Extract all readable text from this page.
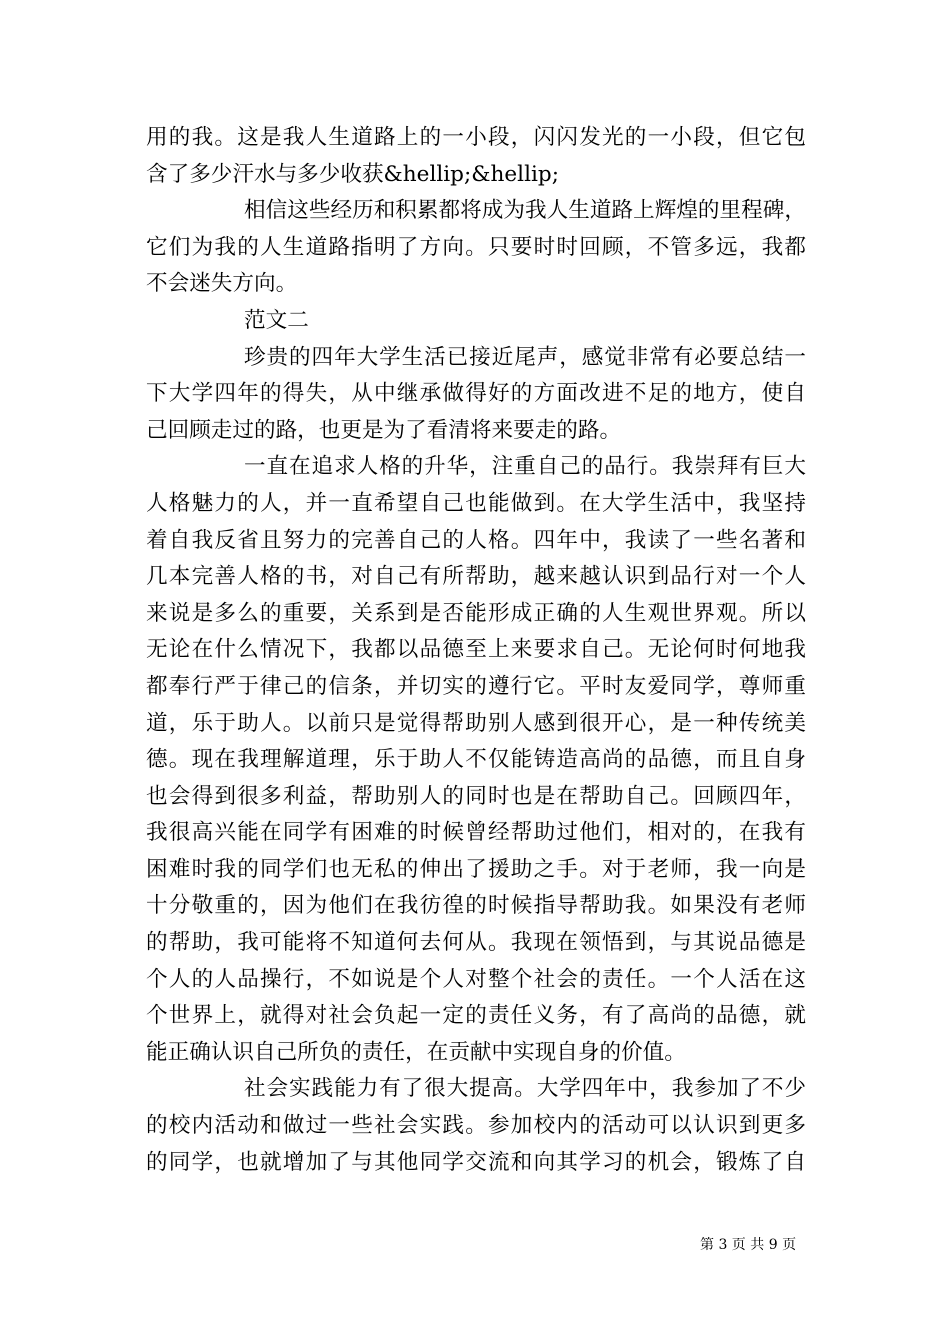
用的我。这是我人生道路上的一小段，闪闪发光的一小段，但它包
含了多少汗水与多少收获&hellip;&hellip;
相信这些经历和积累都将成为我人生道路上辉煌的里程碑，
它们为我的人生道路指明了方向。只要时时回顾，不管多远，我都
不会迷失方向。
范文二
珍贵的四年大学生活已接近尾声，感觉非常有必要总结一
下大学四年的得失，从中继承做得好的方面改进不足的地方，使自
己回顾走过的路，也更是为了看清将来要走的路。
一直在追求人格的升华，注重自己的品行。我崇拜有巨大
人格魅力的人，并一直希望自己也能做到。在大学生活中，我坚持
着自我反省且努力的完善自己的人格。四年中，我读了一些名著和
几本完善人格的书，对自己有所帮助，越来越认识到品行对一个人
来说是多么的重要，关系到是否能形成正确的人生观世界观。所以
无论在什么情况下，我都以品德至上来要求自己。无论何时何地我
都奉行严于律己的信条，并切实的遵行它。平时友爱同学，尊师重
道，乐于助人。以前只是觉得帮助别人感到很开心，是一种传统美
德。现在我理解道理，乐于助人不仅能铸造高尚的品德，而且自身
也会得到很多利益，帮助别人的同时也是在帮助自己。回顾四年，
我很高兴能在同学有困难的时候曾经帮助过他们，相对的，在我有
困难时我的同学们也无私的伸出了援助之手。对于老师，我一向是
十分敬重的，因为他们在我彷徨的时候指导帮助我。如果没有老师
的帮助，我可能将不知道何去何从。我现在领悟到，与其说品德是
个人的人品操行，不如说是个人对整个社会的责任。一个人活在这
个世界上，就得对社会负起一定的责任义务，有了高尚的品德，就
能正确认识自己所负的责任，在贡献中实现自身的价值。
社会实践能力有了很大提高。大学四年中，我参加了不少
的校内活动和做过一些社会实践。参加校内的活动可以认识到更多
的同学，也就增加了与其他同学交流和向其学习的机会，锻炼了自
第 3 页 共 9 页
